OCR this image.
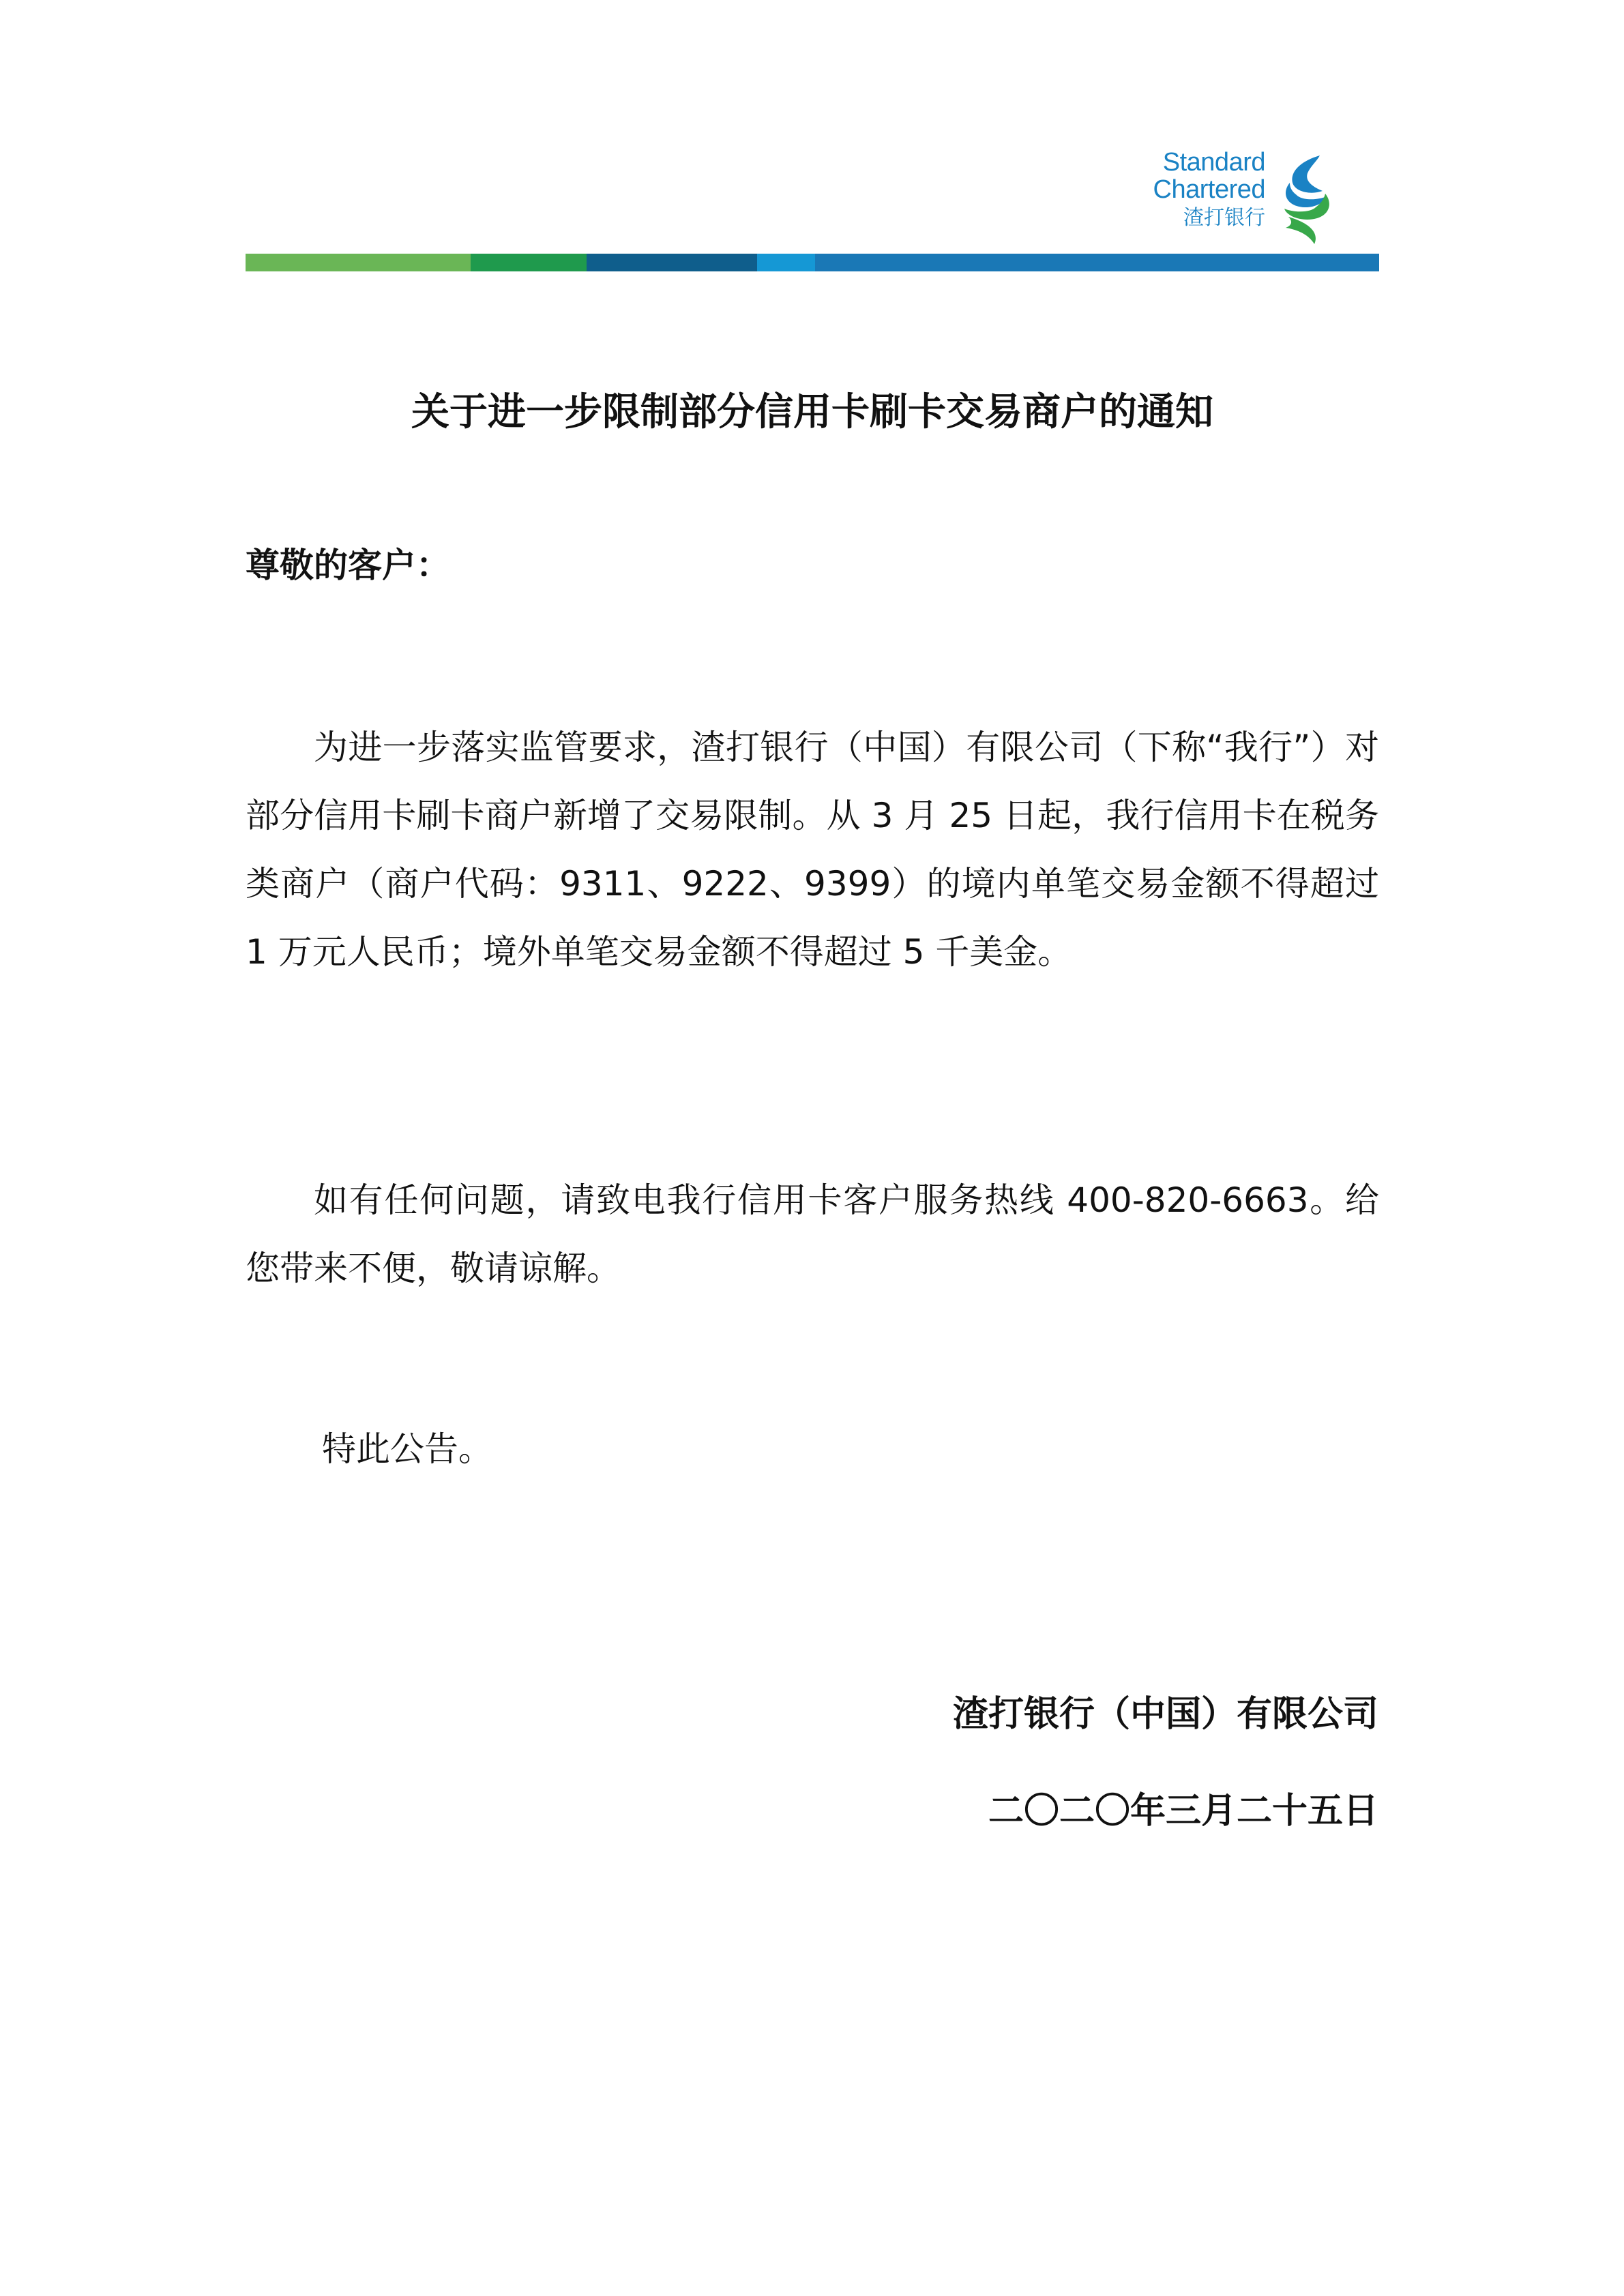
Standard
Chartered
渣打银行
关于进一步限制部分信用卡刷卡交易商户的通知
尊敬的客户：
为进一步落实监管要求，渣打银行（中国）有限公司（下称“我行”）对部分信用卡刷卡商户新增了交易限制。从 3 月 25 日起，我行信用卡在税务类商户（商户代码：9311、9222、9399）的境内单笔交易金额不得超过 1 万元人民币；境外单笔交易金额不得超过 5 千美金。
如有任何问题，请致电我行信用卡客户服务热线 400-820-6663。给您带来不便，敬请谅解。
特此公告。
渣打银行（中国）有限公司
二〇二〇年三月二十五日
